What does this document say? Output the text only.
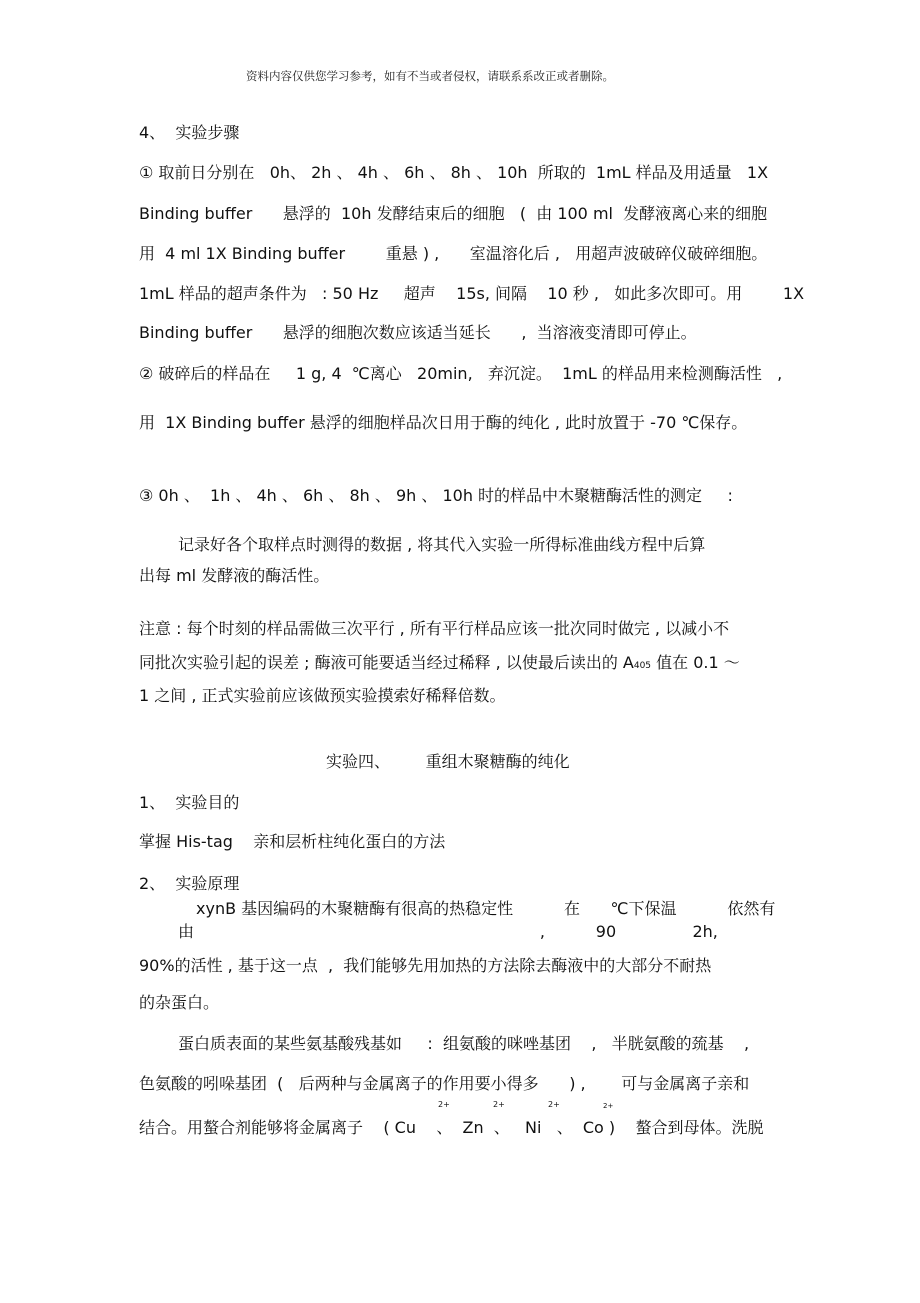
资料内容仅供您学习参考，如有不当或者侵权，请联系系改正或者删除。
4、  实验步骤
① 取前日分别在   0h、 2h 、 4h 、 6h 、 8h 、 10h  所取的  1mL 样品及用适量   1X
Binding buffer      悬浮的  10h 发酵结束后的细胞   (  由 100 ml  发酵液离心来的细胞
用  4 ml 1X Binding buffer        重悬 ) ,      室温溶化后 ,   用超声波破碎仪破碎细胞。
1mL 样品的超声条件为   : 50 Hz     超声    15s, 间隔    10 秒 ,   如此多次即可。用        1X
Binding buffer      悬浮的细胞次数应该适当延长      ,  当溶液变清即可停止。
② 破碎后的样品在     1 g, 4  ℃离心   20min,   弃沉淀。  1mL 的样品用来检测酶活性   ,
用  1X Binding buffer 悬浮的细胞样品次日用于酶的纯化 , 此时放置于 -70 ℃保存。
③ 0h 、  1h 、 4h 、 6h 、 8h 、 9h 、 10h 时的样品中木聚糖酶活性的测定     :
记录好各个取样点时测得的数据 , 将其代入实验一所得标准曲线方程中后算
出每 ml 发酵液的酶活性。
注意 : 每个时刻的样品需做三次平行 , 所有平行样品应该一批次同时做完 , 以减小不
同批次实验引起的误差 ; 酶液可能要适当经过稀释 , 以使最后读出的 A405 值在 0.1 ～
1 之间 , 正式实验前应该做预实验摸索好稀释倍数。
实验四、       重组木聚糖酶的纯化
1、  实验目的
掌握 His-tag    亲和层析柱纯化蛋白的方法
2、  实验原理
xynB 基因编码的木聚糖酶有很高的热稳定性          在      ℃下保温          依然有
由                                                                    ,          90               2h,
90%的活性 , 基于这一点  ,  我们能够先用加热的方法除去酶液中的大部分不耐热
的杂蛋白。
蛋白质表面的某些氨基酸残基如     :  组氨酸的咪唑基团    ,   半胱氨酸的巯基    ,
色氨酸的吲哚基团  (   后两种与金属离子的作用要小得多      ) ,       可与金属离子亲和
2+	2+	2+	2+
结合。用螯合剂能够将金属离子    ( Cu    、  Zn  、   Ni   、  Co )    螯合到母体。洗脱
